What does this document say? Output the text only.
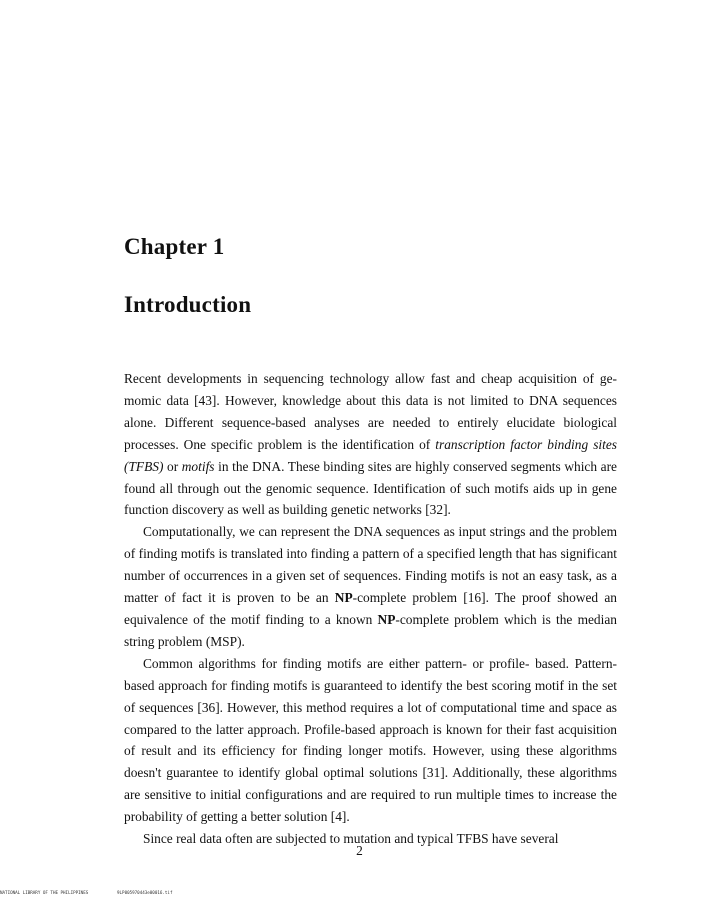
Chapter 1
Introduction

Recent developments in sequencing technology allow fast and cheap acquisition of gemomic data [43]. However, knowledge about this data is not limited to DNA sequences alone. Different sequence-based analyses are needed to entirely elucidate biological processes. One specific problem is the identification of transcription factor binding sites (TFBS) or motifs in the DNA. These binding sites are highly conserved segments which are found all through out the genomic sequence. Identification of such motifs aids up in gene function discovery as well as building genetic networks [32].

Computationally, we can represent the DNA sequences as input strings and the problem of finding motifs is translated into finding a pattern of a specified length that has significant number of occurrences in a given set of sequences. Finding motifs is not an easy task, as a matter of fact it is proven to be an NP-complete problem [16]. The proof showed an equivalence of the motif finding to a known NP-complete problem which is the median string problem (MSP).

Common algorithms for finding motifs are either pattern- or profile- based. Pattern-based approach for finding motifs is guaranteed to identify the best scoring motif in the set of sequences [36]. However, this method requires a lot of computational time and space as compared to the latter approach. Profile-based approach is known for their fast acquisition of result and its efficiency for finding longer motifs. However, using these algorithms doesn't guarantee to identify global optimal solutions [31]. Additionally, these algorithms are sensitive to initial configurations and are required to run multiple times to increase the probability of getting a better solution [4].

Since real data often are subjected to mutation and typical TFBS have several

2
NATIONAL LIBRARY OF THE PHILIPPINES	9LP005970443e00016.tif
